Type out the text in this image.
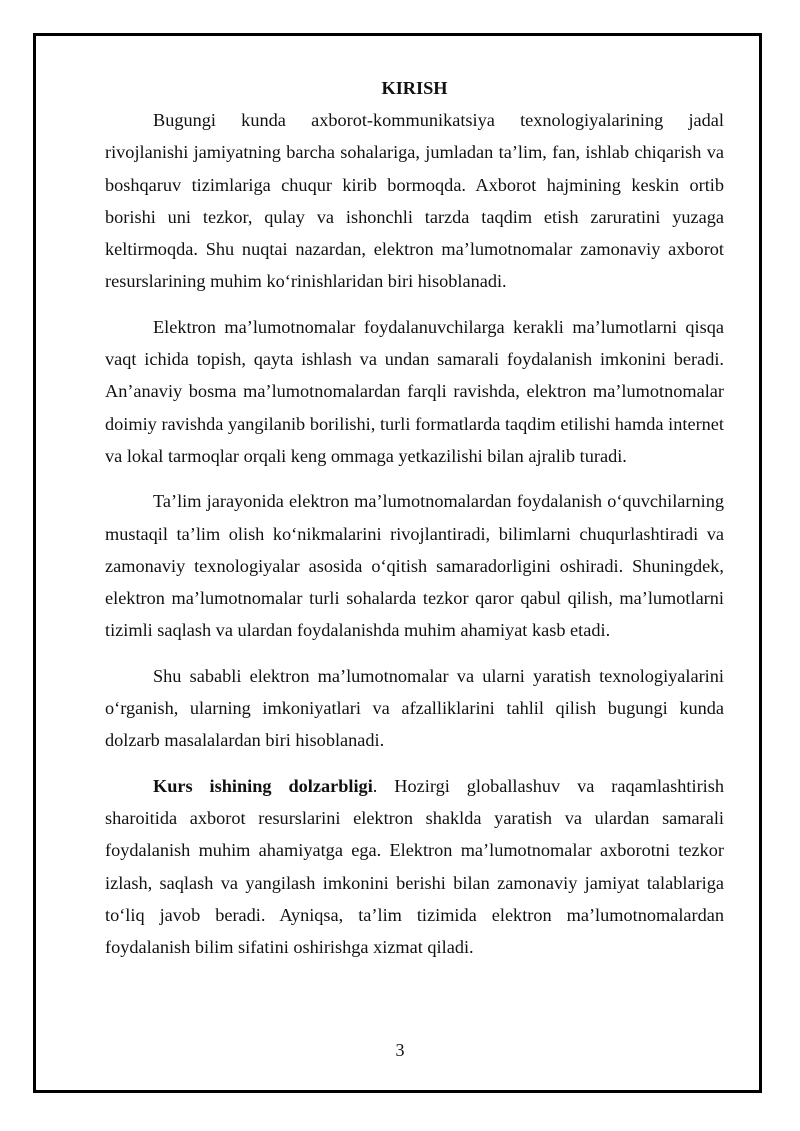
KIRISH

Bugungi kunda axborot-kommunikatsiya texnologiyalarining jadal rivojlanishi jamiyatning barcha sohalariga, jumladan ta’lim, fan, ishlab chiqarish va boshqaruv tizimlariga chuqur kirib bormoqda. Axborot hajmining keskin ortib borishi uni tezkor, qulay va ishonchli tarzda taqdim etish zaruratini yuzaga keltirmoqda. Shu nuqtai nazardan, elektron ma’lumotnomalar zamonaviy axborot resurslarining muhim ko‘rinishlaridan biri hisoblanadi.

Elektron ma’lumotnomalar foydalanuvchilarga kerakli ma’lumotlarni qisqa vaqt ichida topish, qayta ishlash va undan samarali foydalanish imkonini beradi. An’anaviy bosma ma’lumotnomalardan farqli ravishda, elektron ma’lumotnomalar doimiy ravishda yangilanib borilishi, turli formatlarda taqdim etilishi hamda internet va lokal tarmoqlar orqali keng ommaga yetkazilishi bilan ajralib turadi.

Ta’lim jarayonida elektron ma’lumotnomalardan foydalanish o‘quvchilarning mustaqil ta’lim olish ko‘nikmalarini rivojlantiradi, bilimlarni chuqurlashtiradi va zamonaviy texnologiyalar asosida o‘qitish samaradorligini oshiradi. Shuningdek, elektron ma’lumotnomalar turli sohalarda tezkor qaror qabul qilish, ma’lumotlarni tizimli saqlash va ulardan foydalanishda muhim ahamiyat kasb etadi.

Shu sababli elektron ma’lumotnomalar va ularni yaratish texnologiyalarini o‘rganish, ularning imkoniyatlari va afzalliklarini tahlil qilish bugungi kunda dolzarb masalalardan biri hisoblanadi.

Kurs ishining dolzarbligi. Hozirgi globallashuv va raqamlashtirish sharoitida axborot resurslarini elektron shaklda yaratish va ulardan samarali foydalanish muhim ahamiyatga ega. Elektron ma’lumotnomalar axborotni tezkor izlash, saqlash va yangilash imkonini berishi bilan zamonaviy jamiyat talablariga to‘liq javob beradi. Ayniqsa, ta’lim tizimida elektron ma’lumotnomalardan foydalanish bilim sifatini oshirishga xizmat qiladi.

3
